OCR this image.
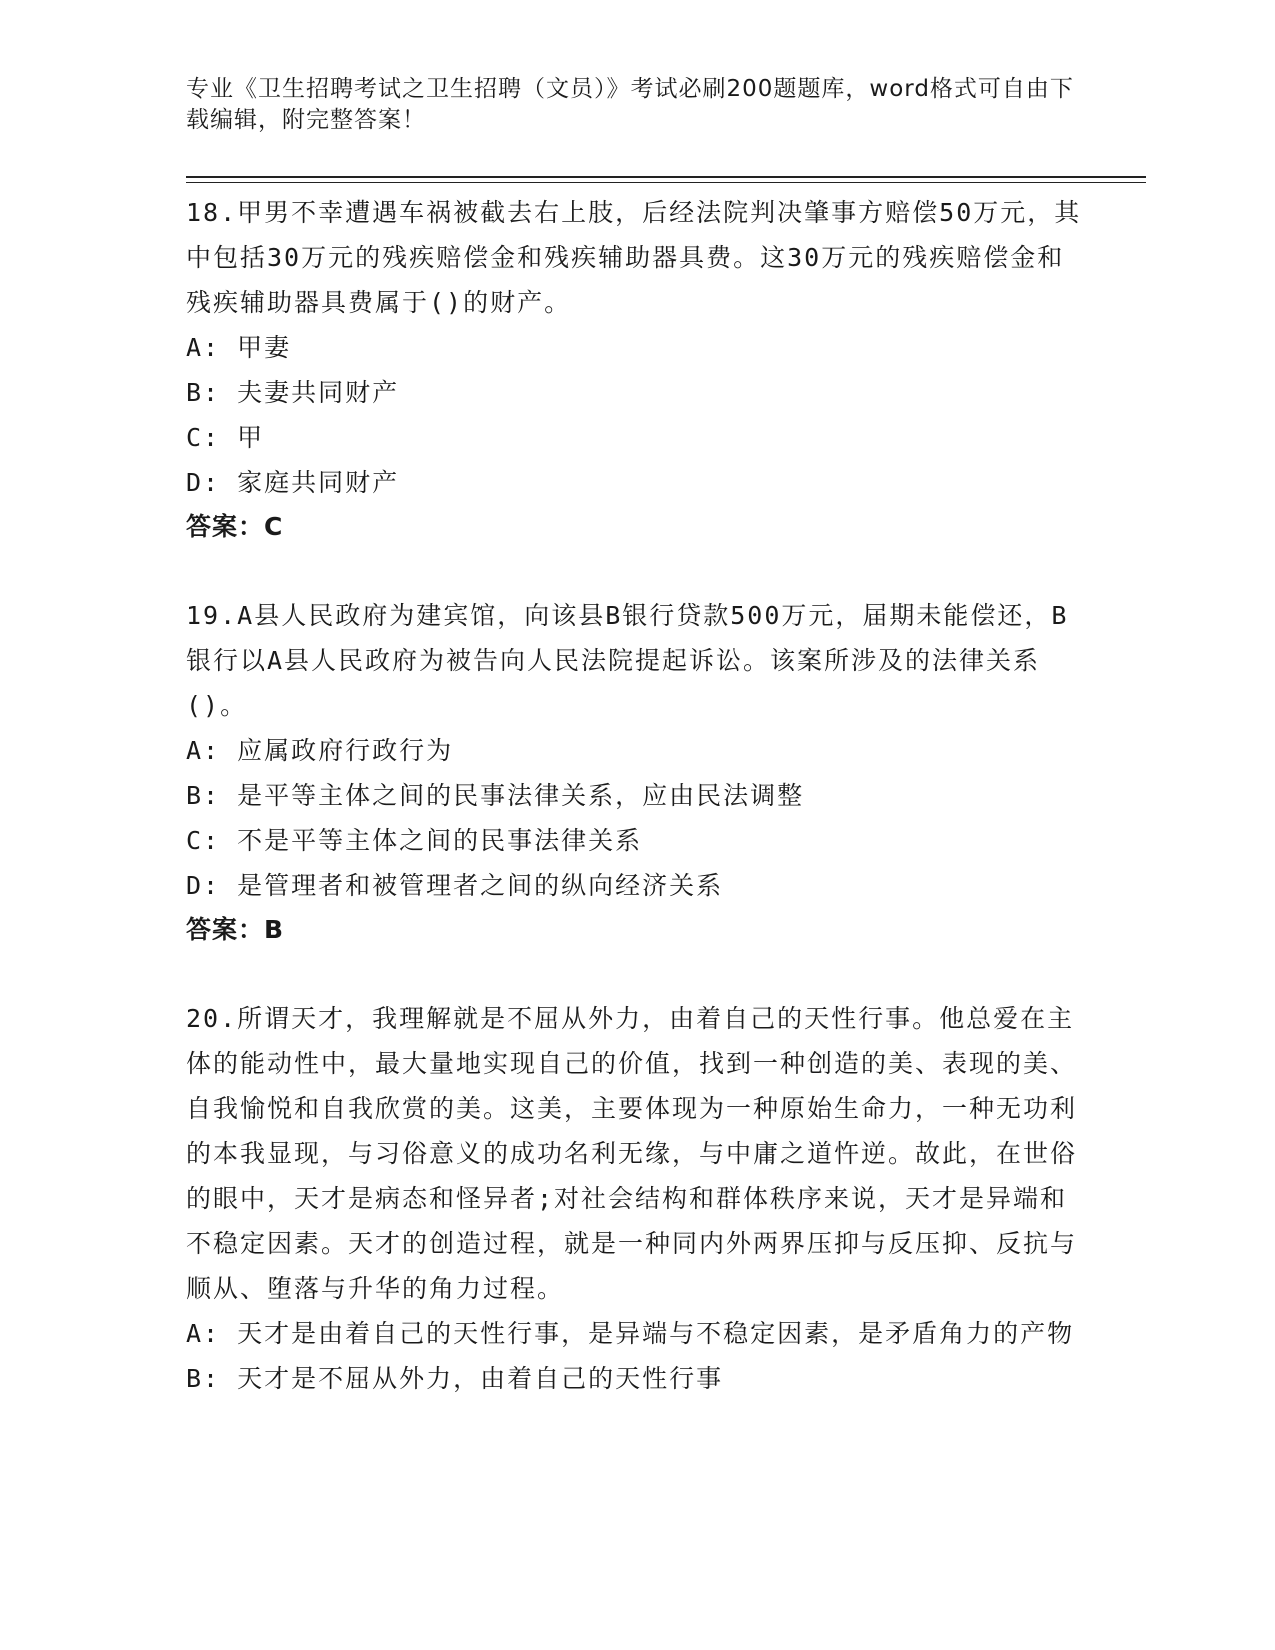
专业《卫生招聘考试之卫生招聘（文员）》考试必刷200题题库，word格式可自由下载编辑，附完整答案！

18.甲男不幸遭遇车祸被截去右上肢，后经法院判决肇事方赔偿50万元，其中包括30万元的残疾赔偿金和残疾辅助器具费。这30万元的残疾赔偿金和残疾辅助器具费属于()的财产。

A: 甲妻

B: 夫妻共同财产

C: 甲

D: 家庭共同财产

答案：C

19.A县人民政府为建宾馆，向该县B银行贷款500万元，届期未能偿还，B银行以A县人民政府为被告向人民法院提起诉讼。该案所涉及的法律关系()。

A: 应属政府行政行为

B: 是平等主体之间的民事法律关系，应由民法调整

C: 不是平等主体之间的民事法律关系

D: 是管理者和被管理者之间的纵向经济关系

答案：B

20.所谓天才，我理解就是不屈从外力，由着自己的天性行事。他总爱在主体的能动性中，最大量地实现自己的价值，找到一种创造的美、表现的美、自我愉悦和自我欣赏的美。这美，主要体现为一种原始生命力，一种无功利的本我显现，与习俗意义的成功名利无缘，与中庸之道忤逆。故此，在世俗的眼中，天才是病态和怪异者;对社会结构和群体秩序来说，天才是异端和不稳定因素。天才的创造过程，就是一种同内外两界压抑与反压抑、反抗与顺从、堕落与升华的角力过程。

A: 天才是由着自己的天性行事，是异端与不稳定因素，是矛盾角力的产物

B: 天才是不屈从外力，由着自己的天性行事
